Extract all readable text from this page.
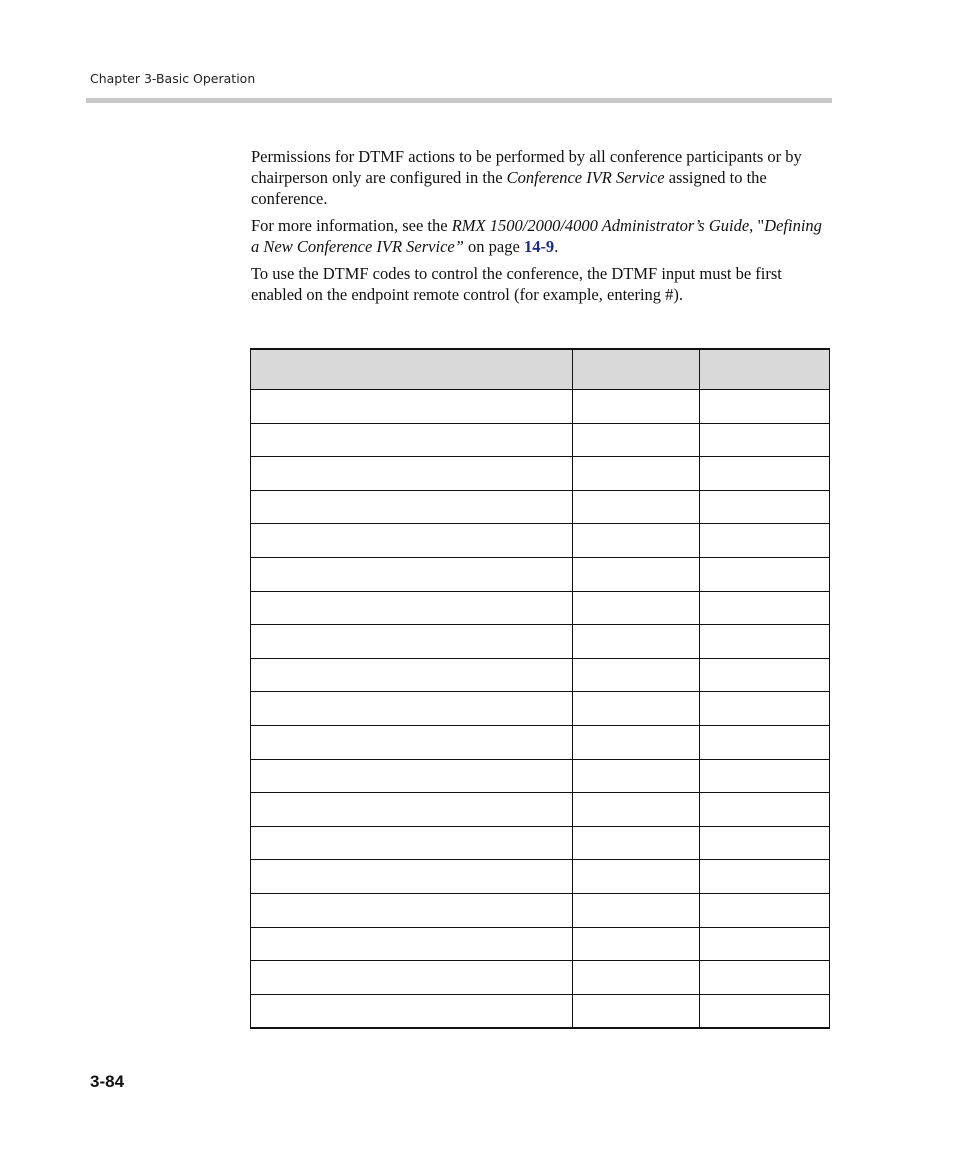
Chapter 3-Basic Operation

Permissions for DTMF actions to be performed by all conference participants or by chairperson only are configured in the Conference IVR Service assigned to the conference.

For more information, see the RMX 1500/2000/4000 Administrator’s Guide, "Defining a New Conference IVR Service” on page 14-9.

To use the DTMF codes to control the conference, the DTMF input must be first enabled on the endpoint remote control (for example, entering #).

3-84
